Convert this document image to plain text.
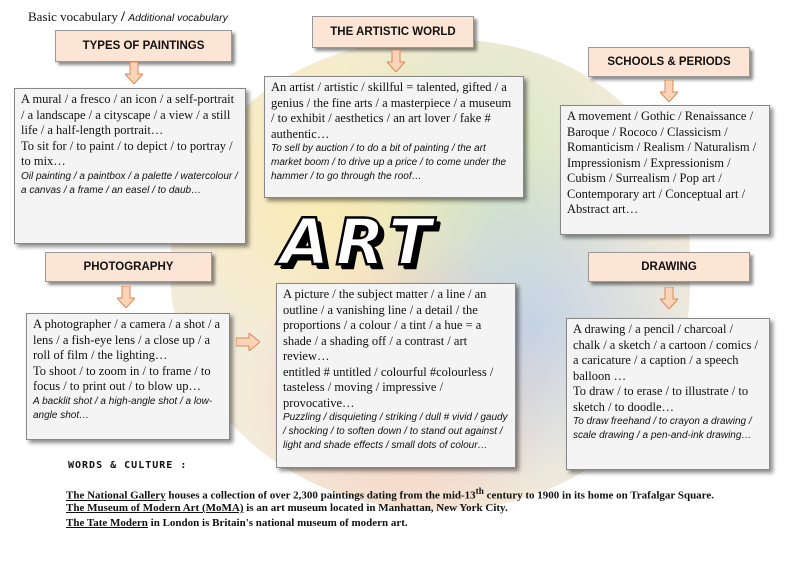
Basic vocabulary / Additional vocabulary
TYPES OF PAINTINGS
THE ARTISTIC WORLD
SCHOOLS & PERIODS
PHOTOGRAPHY	DRAWING
A mural / a fresco / an icon / a self-portrait / a landscape / a cityscape / a view / a still life / a half-length portrait…
To sit for / to paint / to depict / to portray / to mix…
Oil painting / a paintbox / a palette / watercolour / a canvas / a frame / an easel / to daub…
An artist / artistic / skillful = talented, gifted / a genius / the fine arts / a masterpiece / a museum / to exhibit / aesthetics / an art lover / fake # authentic…
To sell by auction / to do a bit of painting / the art market boom / to drive up a price / to come under the hammer / to go through the roof…
A movement / Gothic / Renaissance / Baroque / Rococo / Classicism / Romanticism / Realism / Naturalism / Impressionism / Expressionism / Cubism / Surrealism / Pop art / Contemporary art / Conceptual art / Abstract art…
ART
A photographer / a camera / a shot / a lens / a fish-eye lens / a close up / a roll of film / the lighting…
To shoot / to zoom in / to frame / to focus / to print out / to blow up…
A backlit shot / a high-angle shot / a low-angle shot…
A picture / the subject matter / a line / an outline / a vanishing line / a detail / the proportions / a colour / a tint / a hue = a shade / a shading off / a contrast / art review…
entitled # untitled / colourful #colourless / tasteless / moving / impressive / provocative…
Puzzling / disquieting / striking / dull # vivid / gaudy / shocking / to soften down / to stand out against / light and shade effects / small dots of colour…
A drawing / a pencil / charcoal / chalk / a sketch / a cartoon / comics / a caricature / a caption / a speech balloon …
To draw / to erase / to illustrate / to sketch / to doodle…
To draw freehand / to crayon a drawing / scale drawing / a pen-and-ink drawing…
WORDS & CULTURE :
The National Gallery houses a collection of over 2,300 paintings dating from the mid-13th century to 1900 in its home on Trafalgar Square.
The Museum of Modern Art (MoMA) is an art museum located in Manhattan, New York City.
The Tate Modern in London is Britain's national museum of modern art.
